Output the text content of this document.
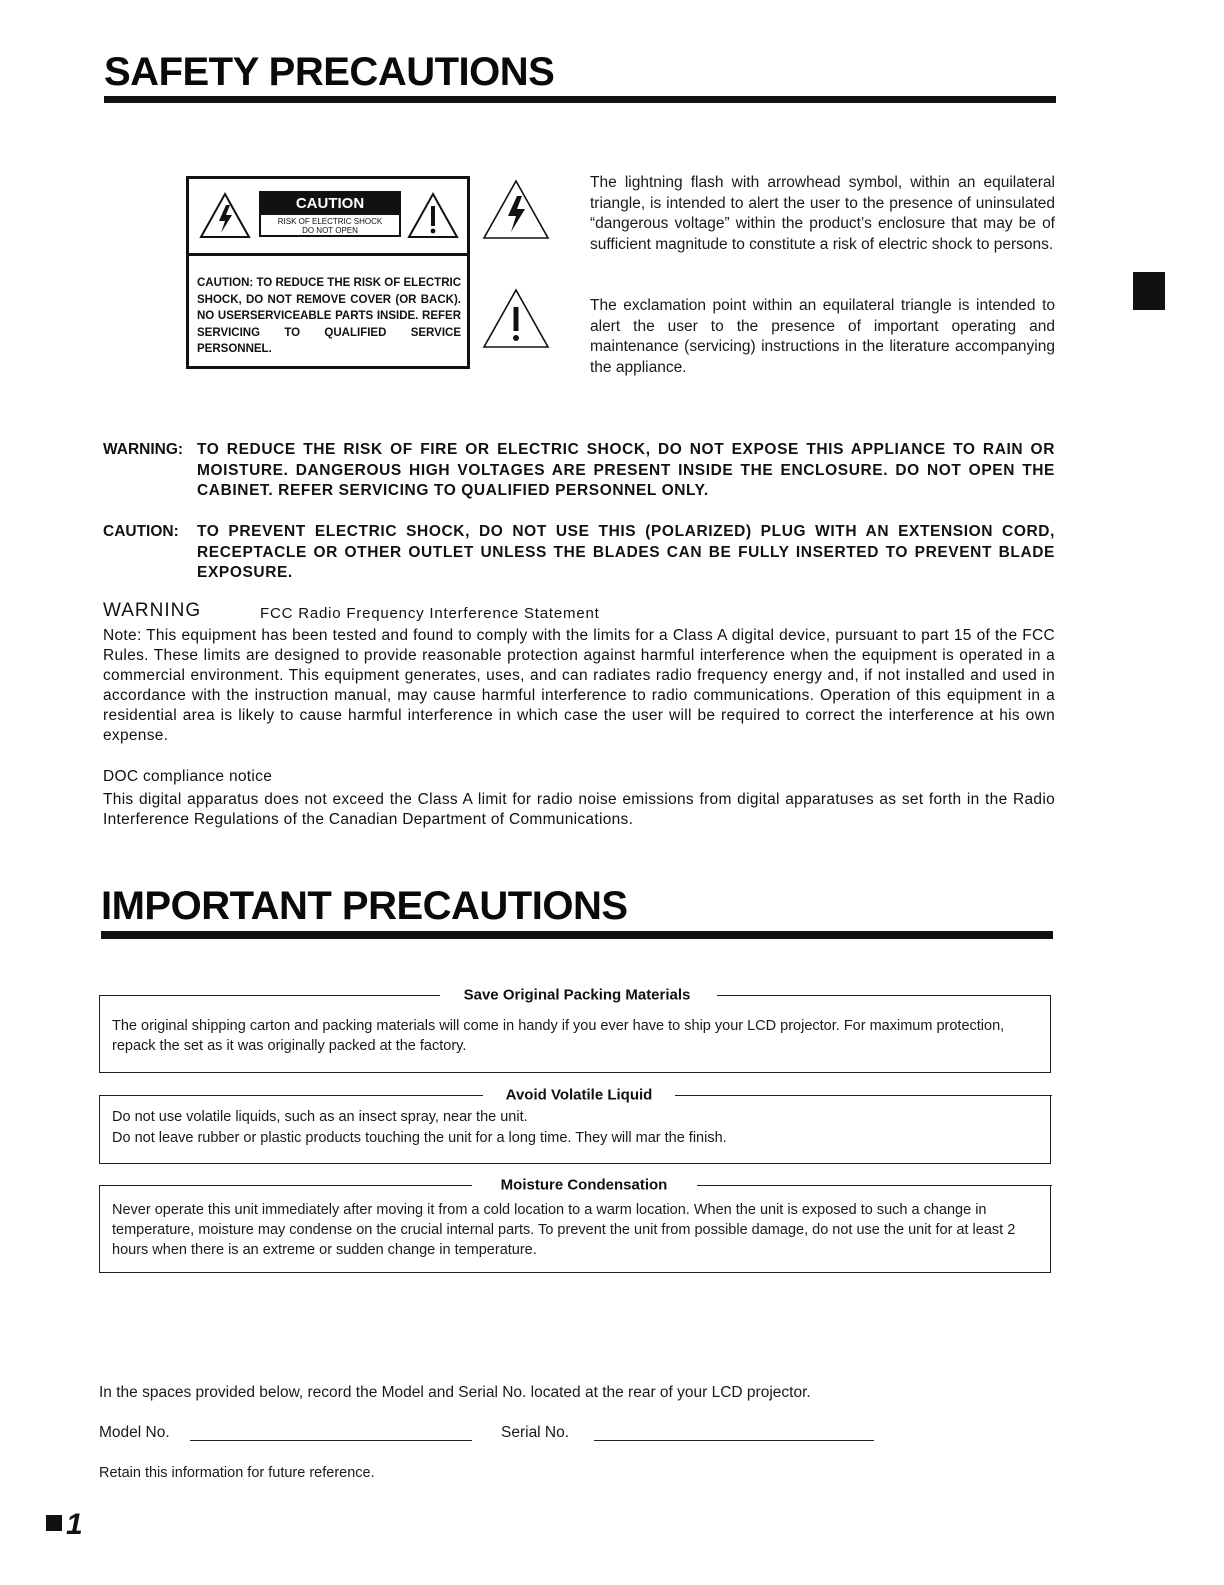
SAFETY PRECAUTIONS
CAUTION
RISK OF ELECTRIC SHOCK
DO NOT OPEN
CAUTION: TO REDUCE THE RISK OF ELECTRIC SHOCK, DO NOT REMOVE COVER (OR BACK). NO USERSERVICEABLE PARTS INSIDE. REFER SERVICING TO QUALIFIED SERVICE PERSONNEL.
The lightning flash with arrowhead symbol, within an equilateral triangle, is intended to alert the user to the presence of uninsulated “dangerous voltage” within the product’s enclosure that may be of sufficient magnitude to constitute a risk of electric shock to persons.
The exclamation point within an equilateral triangle is intended to alert the user to the presence of important operating and maintenance (servicing) instructions in the literature accompanying the appliance.
WARNING: TO REDUCE THE RISK OF FIRE OR ELECTRIC SHOCK, DO NOT EXPOSE THIS APPLIANCE TO RAIN OR MOISTURE. DANGEROUS HIGH VOLTAGES ARE PRESENT INSIDE THE ENCLOSURE. DO NOT OPEN THE CABINET. REFER SERVICING TO QUALIFIED PERSONNEL ONLY.
CAUTION: TO PREVENT ELECTRIC SHOCK, DO NOT USE THIS (POLARIZED) PLUG WITH AN EXTENSION CORD, RECEPTACLE OR OTHER OUTLET UNLESS THE BLADES CAN BE FULLY INSERTED TO PREVENT BLADE EXPOSURE.
WARNING	FCC Radio Frequency Interference Statement
Note: This equipment has been tested and found to comply with the limits for a Class A digital device, pursuant to part 15 of the FCC Rules. These limits are designed to provide reasonable protection against harmful interference when the equipment is operated in a commercial environment. This equipment generates, uses, and can radiates radio frequency energy and, if not installed and used in accordance with the instruction manual, may cause harmful interference to radio communications. Operation of this equipment in a residential area is likely to cause harmful interference in which case the user will be required to correct the interference at his own expense.
DOC compliance notice
This digital apparatus does not exceed the Class A limit for radio noise emissions from digital apparatuses as set forth in the Radio Interference Regulations of the Canadian Department of Communications.
IMPORTANT PRECAUTIONS
Save Original Packing Materials
The original shipping carton and packing materials will come in handy if you ever have to ship your LCD projector. For maximum protection, repack the set as it was originally packed at the factory.
Avoid Volatile Liquid
Do not use volatile liquids, such as an insect spray, near the unit.
Do not leave rubber or plastic products touching the unit for a long time. They will mar the finish.
Moisture Condensation
Never operate this unit immediately after moving it from a cold location to a warm location. When the unit is exposed to such a change in temperature, moisture may condense on the crucial internal parts. To prevent the unit from possible damage, do not use the unit for at least 2 hours when there is an extreme or sudden change in temperature.
In the spaces provided below, record the Model and Serial No. located at the rear of your LCD projector.
Model No.	Serial No.
Retain this information for future reference.
1
